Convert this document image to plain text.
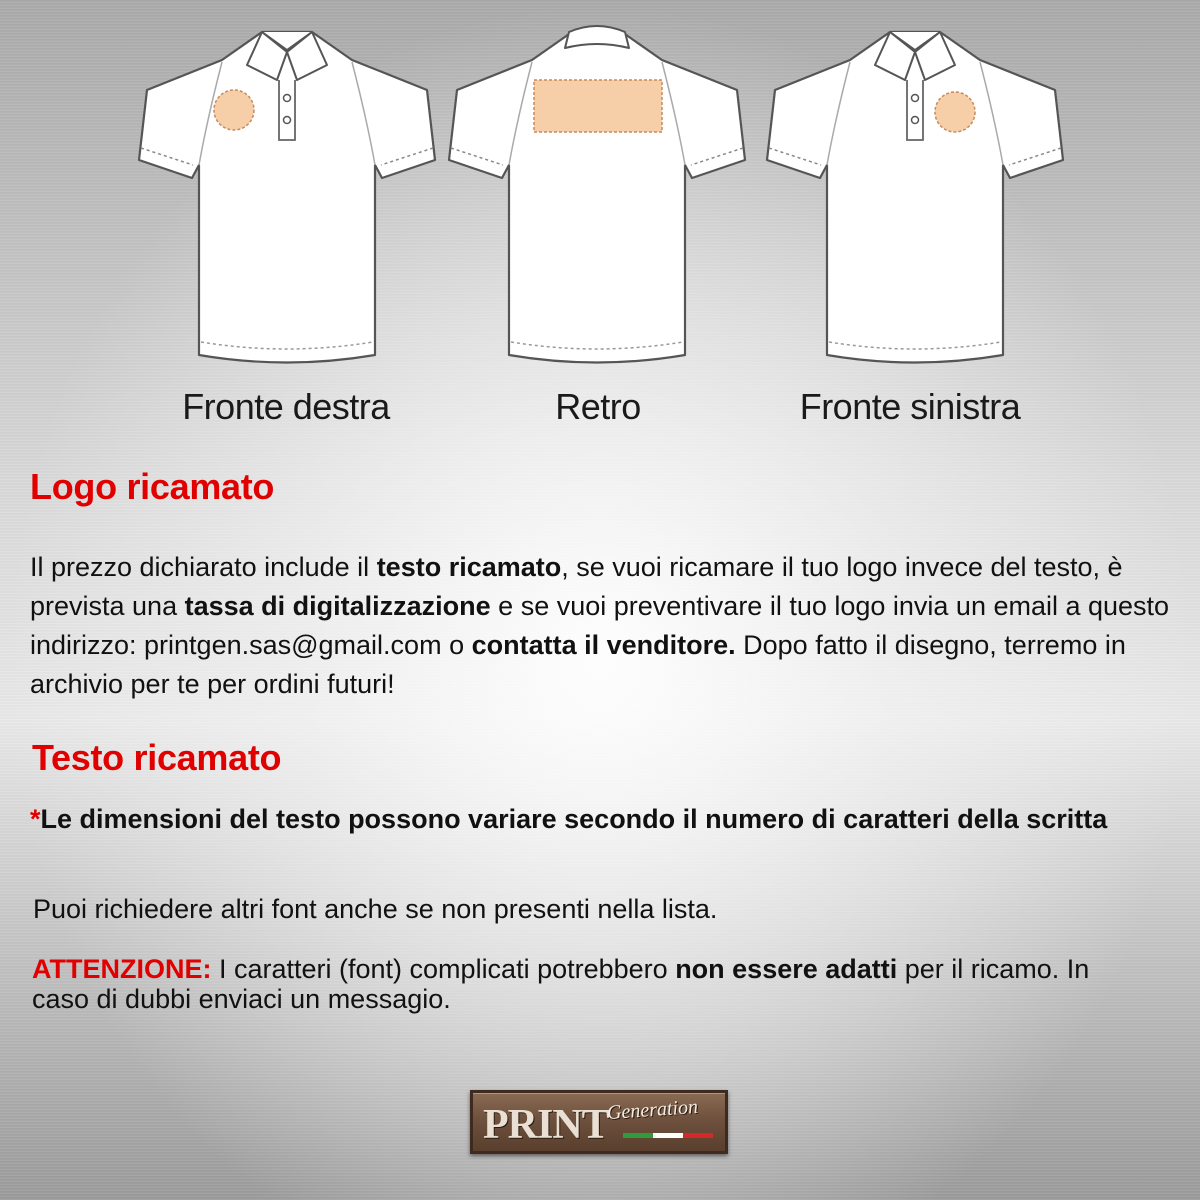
Fronte destra	Retro	Fronte sinistra
Logo ricamato

Il prezzo dichiarato include il testo ricamato, se vuoi ricamare il tuo logo invece del testo, è prevista una tassa di digitalizzazione e se vuoi preventivare il tuo logo invia un email a questo indirizzo: printgen.sas@gmail.com o contatta il venditore. Dopo fatto il disegno, terremo in archivio per te per ordini futuri!

Testo ricamato

*Le dimensioni del testo possono variare secondo il numero di caratteri della scritta

Puoi richiedere altri font anche se non presenti nella lista.

ATTENZIONE: I caratteri (font) complicati potrebbero non essere adatti per il ricamo. In caso di dubbi enviaci un messagio.

PRINT
Generation
